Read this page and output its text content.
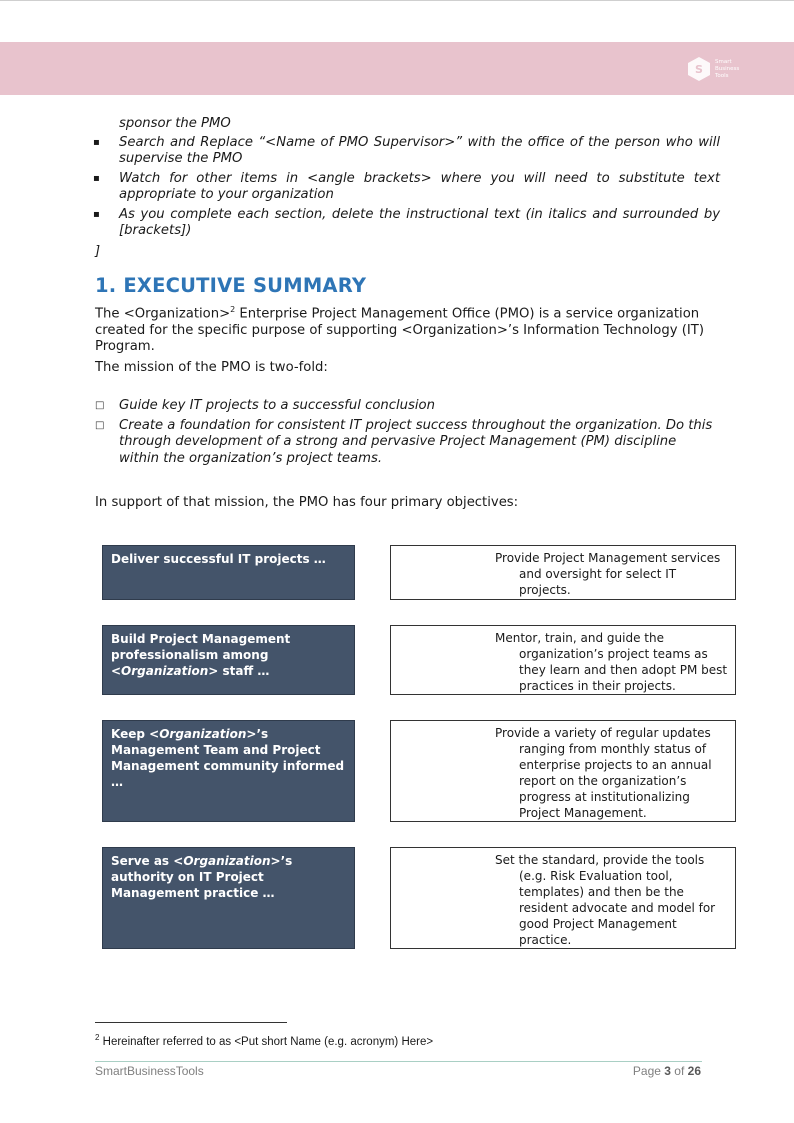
S
Smart
Business
Tools

sponsor the PMO

▪ Search and Replace “<Name of PMO Supervisor>” with the office of the person who will supervise the PMO
▪ Watch for other items in <angle brackets> where you will need to substitute text appropriate to your organization
▪ As you complete each section, delete the instructional text (in italics and surrounded by [brackets])

]

1. EXECUTIVE SUMMARY

The <Organization>$^2$ Enterprise Project Management Office (PMO) is a service organization created for the specific purpose of supporting <Organization>’s Information Technology (IT) Program.

The mission of the PMO is two-fold:

□ Guide key IT projects to a successful conclusion
□ Create a foundation for consistent IT project success throughout the organization. Do this through development of a strong and pervasive Project Management (PM) discipline within the organization’s project teams.

In support of that mission, the PMO has four primary objectives:

Deliver successful IT projects …	Provide Project Management services and oversight for select IT projects.
Build Project Management professionalism among <Organization> staff …
Mentor, train, and guide the organization’s project teams as they learn and then adopt PM best practices in their projects.
Keep <Organization>’s Management Team and Project Management community informed …
Provide a variety of regular updates ranging from monthly status of enterprise projects to an annual report on the organization’s progress at institutionalizing Project Management.
Serve as <Organization>’s authority on IT Project Management practice …
Set the standard, provide the tools (e.g. Risk Evaluation tool, templates) and then be the resident advocate and model for good Project Management practice.
$^2$ Hereinafter referred to as <Put short Name (e.g. acronym) Here>
SmartBusinessTools	Page 3 of 26
